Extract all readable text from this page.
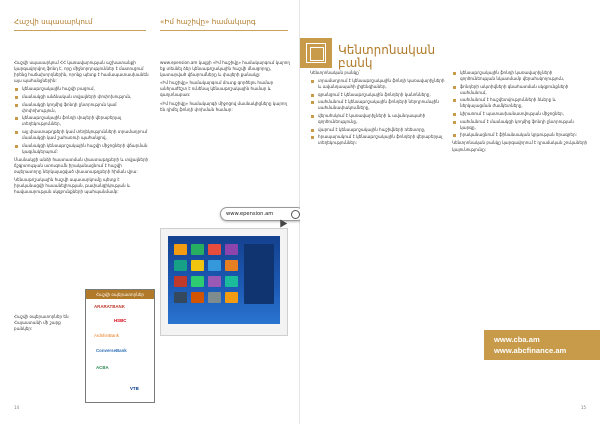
Հաշվի սպասարկում	«Իմ հաշիվը» համակարգ

Հաշվի սպասարկում ՀՀ կառավարության աշխատանքի կարգավորվող ֆոնդ է, որը միջնորդություններ է մատուցում իրենց հաճախորդներին, որոնք պետք է համապատասխանեն այս պահանջներին:

կենսաթոշակային հաշվի բացում,
մասնակցի անձնական տվյալների փոփոխություն,
մասնակցի կողմից ֆոնդի ընտրություն կամ փոփոխություն,
կենսաթոշակային ֆոնդի փայերի վերաբերյալ տեղեկություններ,
այլ փաստաթղթերի կամ տեղեկությունների տրամադրում մասնակցի կամ շահառուի պահանջով,
մասնակցի կենսաթոշակային հաշվի միջոցների վճարման կազմակերպում:

Մասնակցի անձի հաստատման փաստաթղթերի և տվյալների ճշգրտության ստուգումն իրականացնում է հաշվի օպերատորը ներկայացված փաստաթղթերի հիման վրա:

Կենսաթոշակային հաշվի սպասարկումը պետք է իրականացվի հասանելիության, թափանցիկության և հավասարության սկզբունքների պահպանմամբ:

Հաշվի օպերատորներ են Հայաստանի մի շարք բանկեր:

www.epension.am կայքի «Իմ հաշիվը» համակարգում կարող եք տեսնել ձեր կենսաթոշակային հաշվի մնացորդը, կատարված վճարումները և փայերի քանակը:

«Իմ հաշիվը» համակարգում մուտք գործելու համար անհրաժեշտ է ունենալ կենսաթոշակային համար և գաղտնաբառ:

«Իմ հաշիվը» համակարգի միջոցով մասնակիցները կարող են դիմել ֆոնդի փոխման համար:

www.epension.am
Հաշվի օպերատորներ
ARARATBANK
HSBC
ArdshinBank
ConverseBank
ACBA
VTB
14
Կենտրոնական
բանկ

Կենտրոնական բանկը`

տրամադրում է կենսաթոշակային ֆոնդի կառավարիչների և ավանդապահի լիցենզիաներ,
գրանցում է կենսաթոշակային ֆոնդերի կանոնները,
սահմանում է կենսաթոշակային ֆոնդերի ներդրումային սահմանափակումները,
վերահսկում է կառավարիչների և ավանդապահի գործունեությունը,
վարում է կենսաթոշակային հաշիվների ռեեստրը,
հրապարակում է կենսաթոշակային ֆոնդերի վերաբերյալ տեղեկություններ:
կենսաթոշակային ֆոնդի կառավարիչների գործունեության նկատմամբ վերահսկողություն,
ֆոնդերի ակտիվների գնահատման սկզբունքների սահմանում,
սահմանում է հաշվետվությունների ձևերը և ներկայացման ժամկետները,
կիրառում է պատասխանատվության միջոցներ,
սահմանում է մասնակցի կողմից ֆոնդի ընտրության կարգը,
իրականացնում է ֆինանսական կրթության ծրագրեր:

Կենտրոնական բանկը կարգավորում է դրամական շուկաների կայունությունը:

www.cba.am
www.abcfinance.am
15
